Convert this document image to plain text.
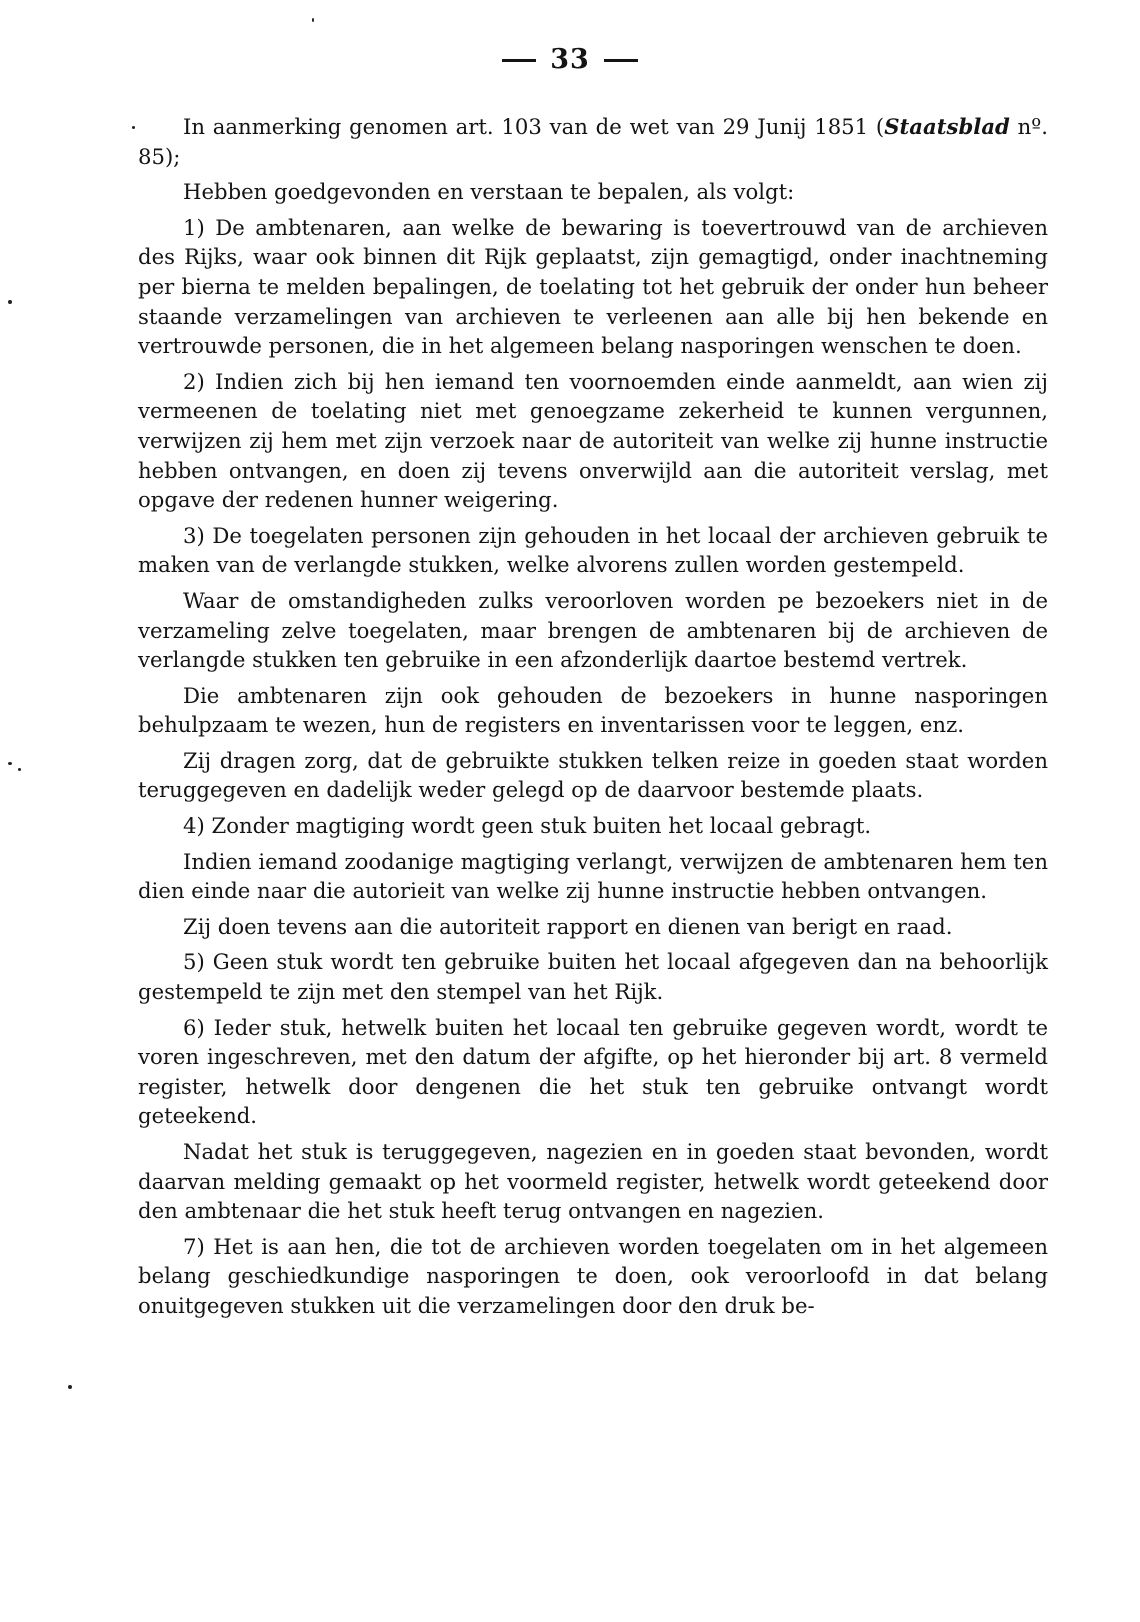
33

In aanmerking genomen art. 103 van de wet van 29 Junij 1851 (Staatsblad nº. 85);

Hebben goedgevonden en verstaan te bepalen, als volgt:

1) De ambtenaren, aan welke de bewaring is toevertrouwd van de archieven des Rijks, waar ook binnen dit Rijk geplaatst, zijn gemagtigd, onder inachtneming per bierna te melden bepalingen, de toelating tot het gebruik der onder hun beheer staande verzamelingen van archieven te verleenen aan alle bij hen bekende en vertrouwde personen, die in het algemeen belang nasporingen wenschen te doen.

2) Indien zich bij hen iemand ten voornoemden einde aanmeldt, aan wien zij vermeenen de toelating niet met genoegzame zekerheid te kunnen vergunnen, verwijzen zij hem met zijn verzoek naar de autoriteit van welke zij hunne instructie hebben ontvangen, en doen zij tevens onverwijld aan die autoriteit verslag, met opgave der redenen hunner weigering.

3) De toegelaten personen zijn gehouden in het locaal der archieven gebruik te maken van de verlangde stukken, welke alvorens zullen worden gestempeld.

Waar de omstandigheden zulks veroorloven worden pe bezoekers niet in de verzameling zelve toegelaten, maar brengen de ambtenaren bij de archieven de verlangde stukken ten gebruike in een afzonderlijk daartoe bestemd vertrek.

Die ambtenaren zijn ook gehouden de bezoekers in hunne nasporingen behulpzaam te wezen, hun de registers en inventarissen voor te leggen, enz.

Zij dragen zorg, dat de gebruikte stukken telken reize in goeden staat worden teruggegeven en dadelijk weder gelegd op de daarvoor bestemde plaats.

4) Zonder magtiging wordt geen stuk buiten het locaal gebragt.

Indien iemand zoodanige magtiging verlangt, verwijzen de ambtenaren hem ten dien einde naar die autorieit van welke zij hunne instructie hebben ontvangen.

Zij doen tevens aan die autoriteit rapport en dienen van berigt en raad.

5) Geen stuk wordt ten gebruike buiten het locaal afgegeven dan na behoorlijk gestempeld te zijn met den stempel van het Rijk.

6) Ieder stuk, hetwelk buiten het locaal ten gebruike gegeven wordt, wordt te voren ingeschreven, met den datum der afgifte, op het hieronder bij art. 8 vermeld register, hetwelk door dengenen die het stuk ten gebruike ontvangt wordt geteekend.

Nadat het stuk is teruggegeven, nagezien en in goeden staat bevonden, wordt daarvan melding gemaakt op het voormeld register, hetwelk wordt geteekend door den ambtenaar die het stuk heeft terug ontvangen en nagezien.

7) Het is aan hen, die tot de archieven worden toegelaten om in het algemeen belang geschiedkundige nasporingen te doen, ook veroorloofd in dat belang onuitgegeven stukken uit die verzamelingen door den druk be-
